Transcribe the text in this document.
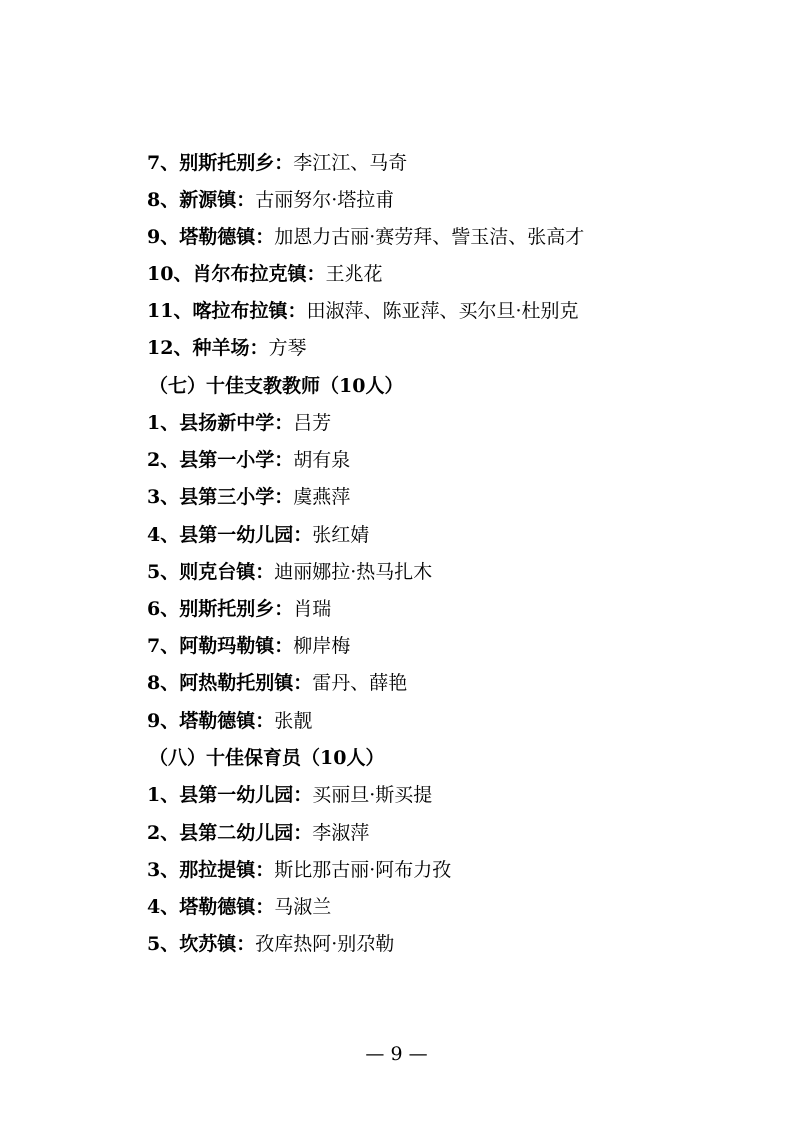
7、别斯托别乡：李江江、马奇
8、新源镇：古丽努尔·塔拉甫
9、塔勒德镇：加恩力古丽·赛劳拜、訾玉洁、张高才
10、肖尔布拉克镇：王兆花
11、喀拉布拉镇：田淑萍、陈亚萍、买尔旦·杜别克
12、种羊场：方琴
（七）十佳支教教师（10人）
1、县扬新中学：吕芳
2、县第一小学：胡有泉
3、县第三小学：虞燕萍
4、县第一幼儿园：张红婧
5、则克台镇：迪丽娜拉·热马扎木
6、别斯托别乡：肖瑞
7、阿勒玛勒镇：柳岸梅
8、阿热勒托别镇：雷丹、薛艳
9、塔勒德镇：张靓
（八）十佳保育员（10人）
1、县第一幼儿园：买丽旦·斯买提
2、县第二幼儿园：李淑萍
3、那拉提镇：斯比那古丽·阿布力孜
4、塔勒德镇：马淑兰
5、坎苏镇：孜库热阿·别尕勒
— 9 —
